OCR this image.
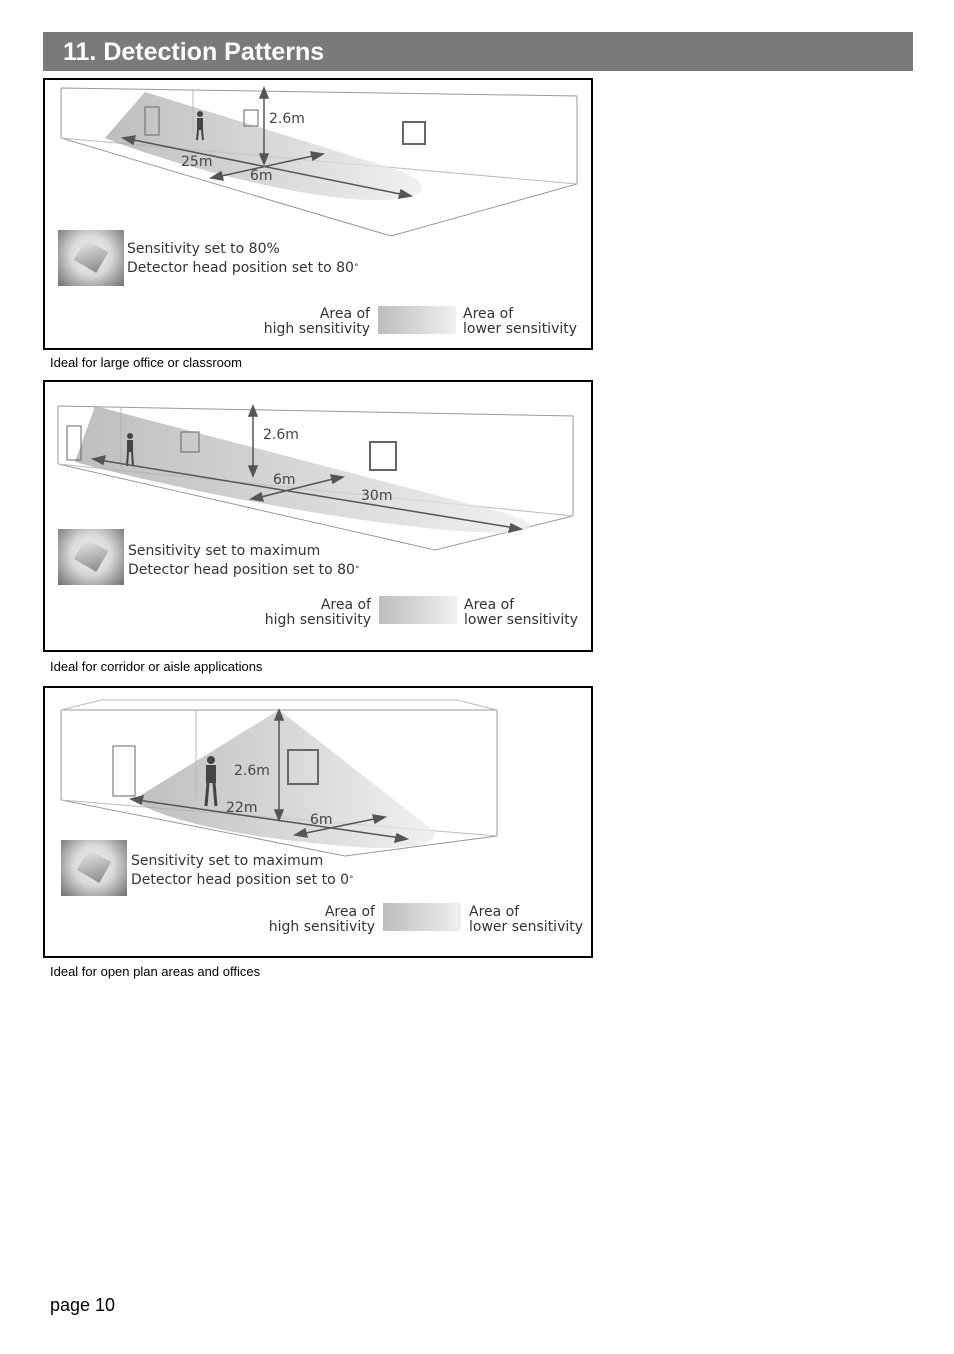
11. Detection Patterns
2.6m
25m
6m
Sensitivity set to 80%
Detector head position set to 80°
Area of
high sensitivity
Area of
lower sensitivity
Ideal for large office or classroom
2.6m
6m
30m
Sensitivity set to maximum
Detector head position set to 80°
Area of
high sensitivity
Area of
lower sensitivity
Ideal for corridor or aisle applications
2.6m
22m
6m
Sensitivity set to maximum
Detector head position set to 0°
Area of
high sensitivity
Area of
lower sensitivity
Ideal for open plan areas and offices
page 10
